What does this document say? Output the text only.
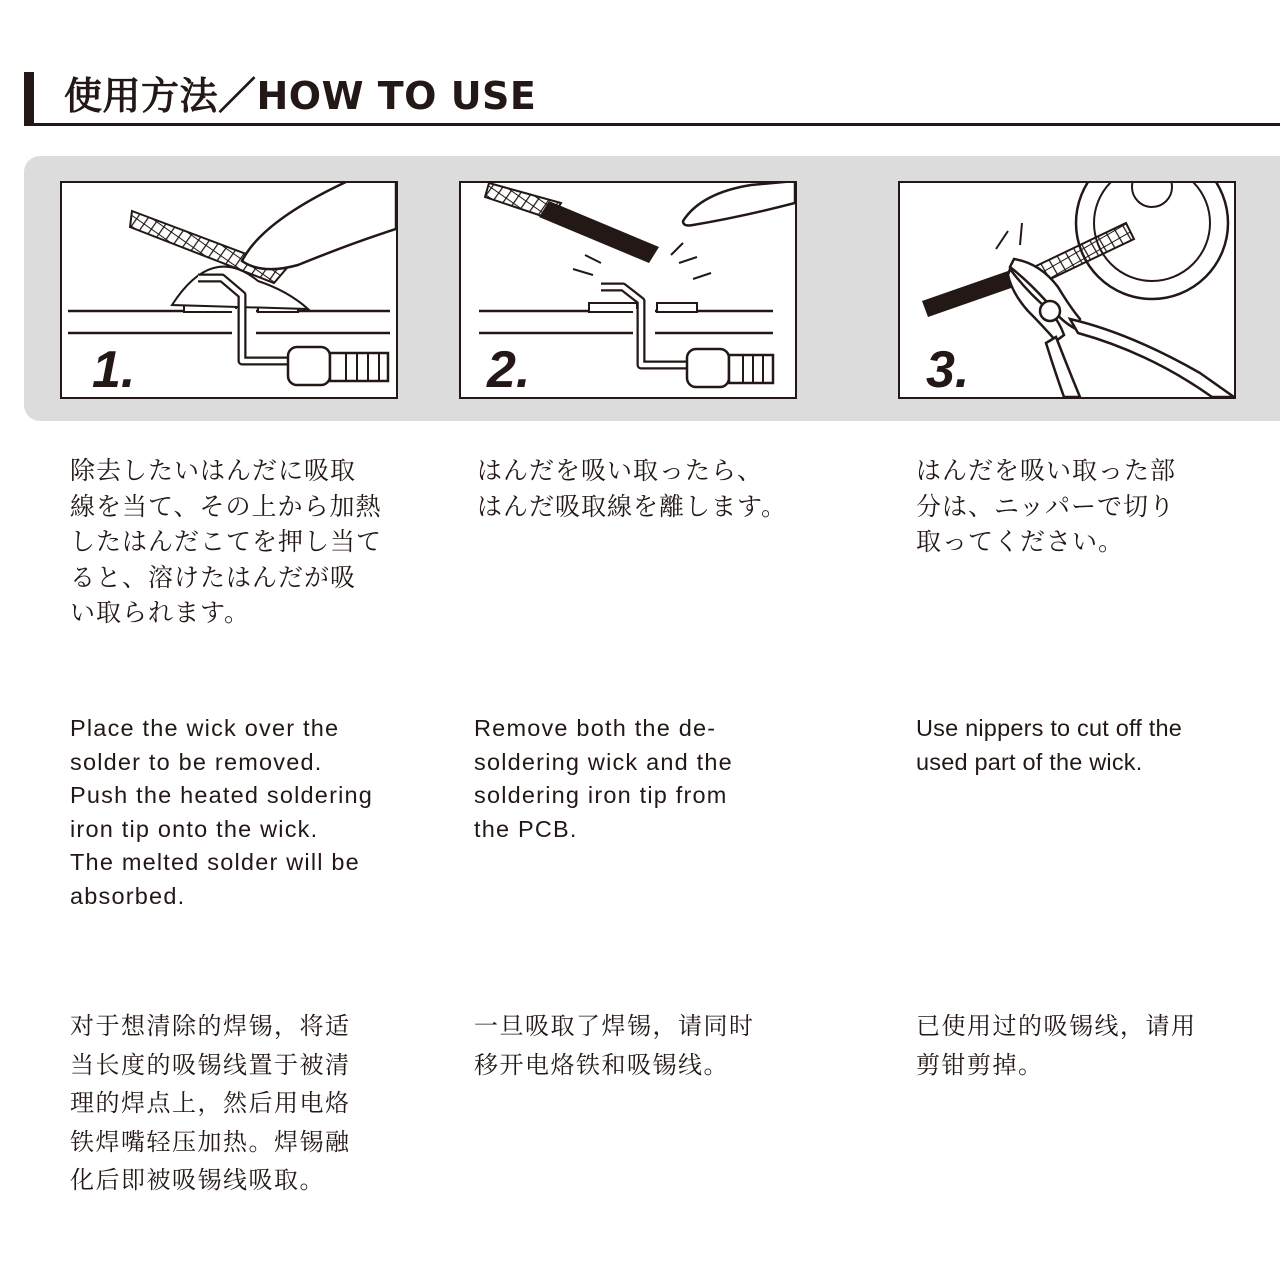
使用方法／HOW TO USE
1.	2.	3.

除去したいはんだに吸取
線を当て、その上から加熱
したはんだこてを押し当て
ると、溶けたはんだが吸
い取られます。

はんだを吸い取ったら、
はんだ吸取線を離します。

はんだを吸い取った部
分は、ニッパーで切り
取ってください。

Place the wick over the
solder to be removed.
Push the heated soldering
iron tip onto the wick.
The melted solder will be
absorbed.

Remove both the de-
soldering wick and the
soldering iron tip from
the PCB.

Use nippers to cut off the
used part of the wick.

对于想清除的焊锡，将适
当长度的吸锡线置于被清
理的焊点上，然后用电烙
铁焊嘴轻压加热。焊锡融
化后即被吸锡线吸取。

一旦吸取了焊锡，请同时
移开电烙铁和吸锡线。

已使用过的吸锡线，请用
剪钳剪掉。
